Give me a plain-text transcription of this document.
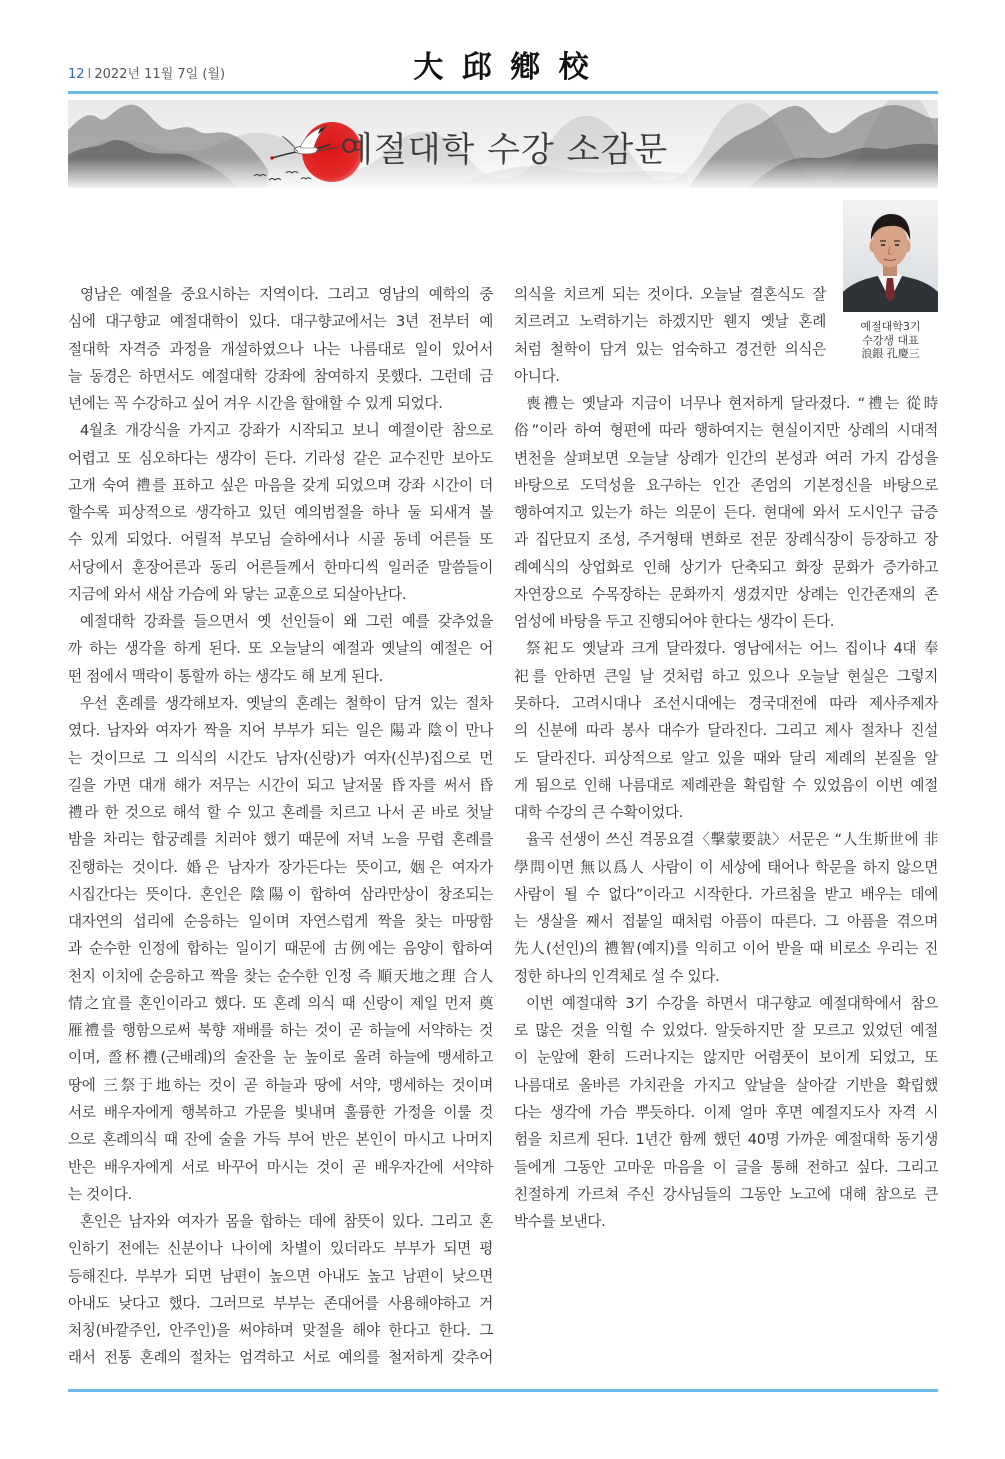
12 I 2022년 11월 7일 (월)	大 邱 鄕 校
예절대학 수강 소감문
예절대학3기
수강생 대표
浪銀 孔慶三
영남은 예절을 중요시하는 지역이다. 그리고 영남의 예학의 중
심에 대구향교 예절대학이 있다. 대구향교에서는 3년 전부터 예
절대학 자격증 과정을 개설하였으나 나는 나름대로 일이 있어서
늘 동경은 하면서도 예절대학 강좌에 참여하지 못했다. 그런데 금
년에는 꼭 수강하고 싶어 겨우 시간을 할애할 수 있게 되었다.
4월초 개강식을 가지고 강좌가 시작되고 보니 예절이란 참으로
어렵고 또 심오하다는 생각이 든다. 기라성 같은 교수진만 보아도
고개 숙여 禮를 표하고 싶은 마음을 갖게 되었으며 강좌 시간이 더
할수록 피상적으로 생각하고 있던 예의범절을 하나 둘 되새겨 볼
수 있게 되었다. 어릴적 부모님 슬하에서나 시골 동네 어른들 또
서당에서 훈장어른과 동리 어른들께서 한마디씩 일러준 말씀들이
지금에 와서 새삼 가슴에 와 닿는 교훈으로 되살아난다.
예절대학 강좌를 들으면서 옛 선인들이 왜 그런 예를 갖추었을
까 하는 생각을 하게 된다. 또 오늘날의 예절과 옛날의 예절은 어
떤 점에서 맥락이 통할까 하는 생각도 해 보게 된다.
우선 혼례를 생각해보자. 옛날의 혼례는 철학이 담겨 있는 절차
였다. 남자와 여자가 짝을 지어 부부가 되는 일은 陽과 陰이 만나
는 것이므로 그 의식의 시간도 남자(신랑)가 여자(신부)집으로 먼
길을 가면 대개 해가 저무는 시간이 되고 날저물 昏자를 써서 昏
禮라 한 것으로 해석 할 수 있고 혼례를 치르고 나서 곧 바로 첫날
밤을 차리는 합궁례를 치러야 했기 때문에 저녁 노을 무렵 혼례를
진행하는 것이다. 婚은 남자가 장가든다는 뜻이고, 姻은 여자가
시집간다는 뜻이다. 혼인은 陰陽이 합하여 삼라만상이 창조되는
대자연의 섭리에 순응하는 일이며 자연스럽게 짝을 찾는 마땅함
과 순수한 인정에 합하는 일이기 때문에 古例에는 음양이 합하여
천지 이치에 순응하고 짝을 찾는 순수한 인정 즉 順天地之理 合人
情之宜를 혼인이라고 했다. 또 혼례 의식 때 신랑이 제일 먼저 奠
雁禮를 행함으로써 북향 재배를 하는 것이 곧 하늘에 서약하는 것
이며, 巹杯禮(근배례)의 술잔을 눈 높이로 올려 하늘에 맹세하고
땅에 三祭于地하는 것이 곧 하늘과 땅에 서약, 맹세하는 것이며
서로 배우자에게 행복하고 가문을 빛내며 훌륭한 가정을 이룰 것
으로 혼례의식 때 잔에 술을 가득 부어 반은 본인이 마시고 나머지
반은 배우자에게 서로 바꾸어 마시는 것이 곧 배우자간에 서약하
는 것이다.
혼인은 남자와 여자가 몸을 합하는 데에 참뜻이 있다. 그리고 혼
인하기 전에는 신분이나 나이에 차별이 있더라도 부부가 되면 평
등해진다. 부부가 되면 남편이 높으면 아내도 높고 남편이 낮으면
아내도 낮다고 했다. 그러므로 부부는 존대어를 사용해야하고 거
처칭(바깥주인, 안주인)을 써야하며 맞절을 해야 한다고 한다. 그
래서 전통 혼례의 절차는 엄격하고 서로 예의를 철저하게 갖추어
의식을 치르게 되는 것이다. 오늘날 결혼식도 잘
치르려고 노력하기는 하겠지만 웬지 옛날 혼례
처럼 철학이 담겨 있는 엄숙하고 경건한 의식은
아니다.
喪禮는 옛날과 지금이 너무나 현저하게 달라졌다. “禮는 從時
俗”이라 하여 형편에 따라 행하여지는 현실이지만 상례의 시대적
변천을 살펴보면 오늘날 상례가 인간의 본성과 여러 가지 감성을
바탕으로 도덕성을 요구하는 인간 존엄의 기본정신을 바탕으로
행하여지고 있는가 하는 의문이 든다. 현대에 와서 도시인구 급증
과 집단묘지 조성, 주거형태 변화로 전문 장례식장이 등장하고 장
례예식의 상업화로 인해 상기가 단축되고 화장 문화가 증가하고
자연장으로 수목장하는 문화까지 생겼지만 상례는 인간존재의 존
엄성에 바탕을 두고 진행되어야 한다는 생각이 든다.
祭祀도 옛날과 크게 달라졌다. 영남에서는 어느 집이나 4대 奉
祀를 안하면 큰일 날 것처럼 하고 있으나 오늘날 현실은 그렇지
못하다. 고려시대나 조선시대에는 경국대전에 따라 제사주제자
의 신분에 따라 봉사 대수가 달라진다. 그리고 제사 절차나 진설
도 달라진다. 피상적으로 알고 있을 때와 달리 제례의 본질을 알
게 됨으로 인해 나름대로 제례관을 확립할 수 있었음이 이번 예절
대학 수강의 큰 수확이었다.
율곡 선생이 쓰신 격몽요결〈擊蒙要訣〉서문은 “人生斯世에 非
學問이면 無以爲人 사람이 이 세상에 태어나 학문을 하지 않으면
사람이 될 수 없다”이라고 시작한다. 가르침을 받고 배우는 데에
는 생살을 째서 접붙일 때처럼 아픔이 따른다. 그 아픔을 겪으며
先人(선인)의 禮智(예지)를 익히고 이어 받을 때 비로소 우리는 진
정한 하나의 인격체로 설 수 있다.
이번 예절대학 3기 수강을 하면서 대구향교 예절대학에서 참으
로 많은 것을 익힐 수 있었다. 알듯하지만 잘 모르고 있었던 예절
이 눈앞에 환히 드러나지는 않지만 어렴풋이 보이게 되었고, 또
나름대로 올바른 가치관을 가지고 앞날을 살아갈 기반을 확립했
다는 생각에 가슴 뿌듯하다. 이제 얼마 후면 예절지도사 자격 시
험을 치르게 된다. 1년간 함께 했던 40명 가까운 예절대학 동기생
들에게 그동안 고마운 마음을 이 글을 통해 전하고 싶다. 그리고
친절하게 가르쳐 주신 강사님들의 그동안 노고에 대해 참으로 큰
박수를 보낸다.
